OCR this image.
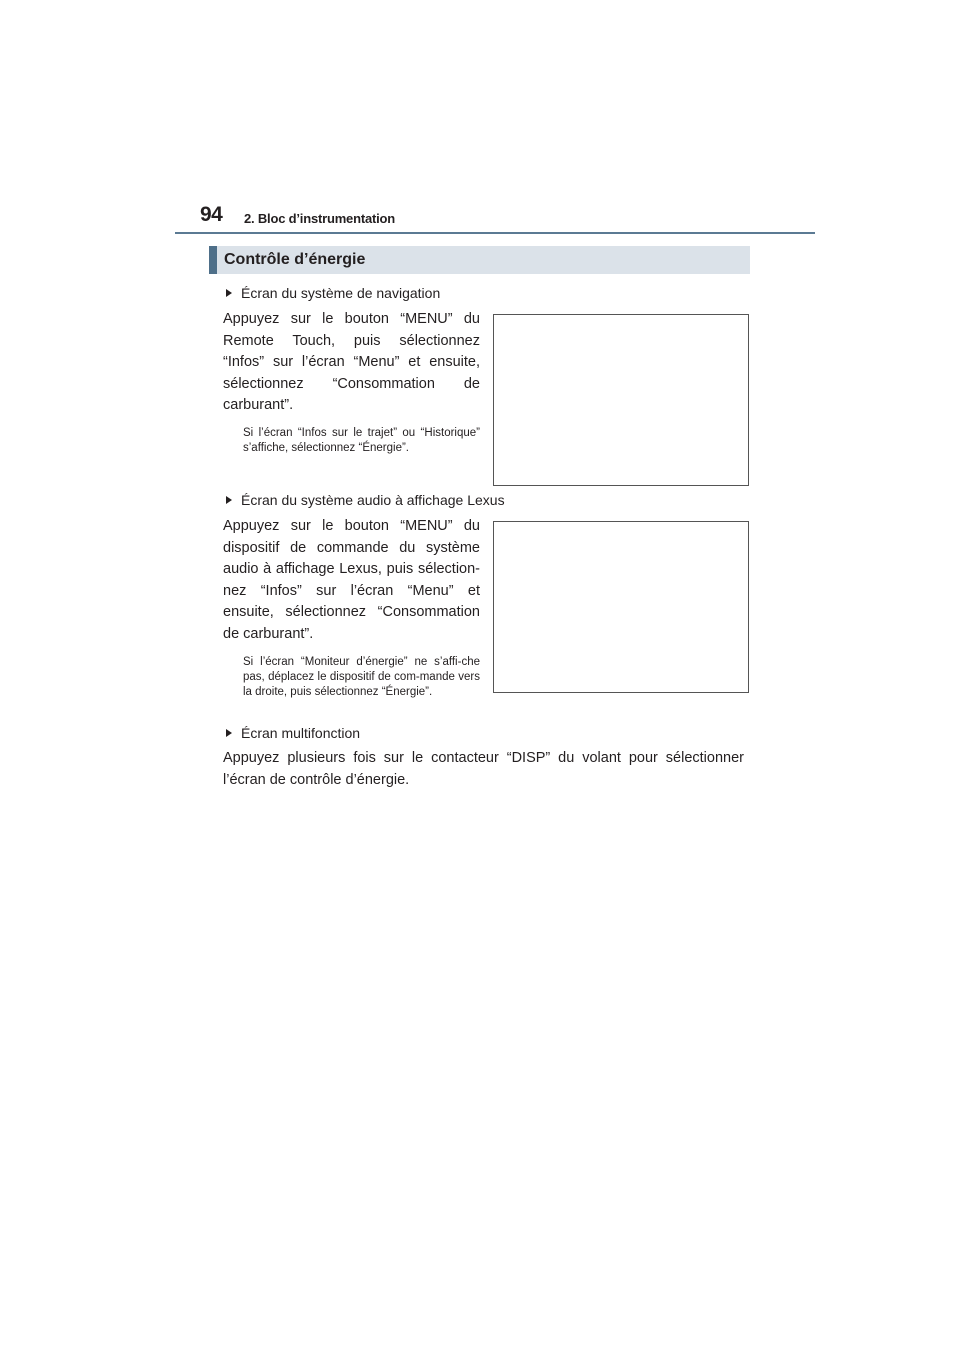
94 2. Bloc d’instrumentation
Contrôle d’énergie
Écran du système de navigation
Appuyez sur le bouton “MENU” du Remote Touch, puis sélectionnez “Infos” sur l’écran “Menu” et ensuite, sélectionnez “Consommation de carburant”.
Si l’écran “Infos sur le trajet” ou “Historique” s’affiche, sélectionnez “Énergie”.
Écran du système audio à affichage Lexus
Appuyez sur le bouton “MENU” du dispositif de commande du système audio à affichage Lexus, puis sélection-nez “Infos” sur l’écran “Menu” et ensuite, sélectionnez “Consommation de carburant”.
Si l’écran “Moniteur d’énergie” ne s’affi-che pas, déplacez le dispositif de com-mande vers la droite, puis sélectionnez “Énergie”.
Écran multifonction
Appuyez plusieurs fois sur le contacteur “DISP” du volant pour sélectionner l’écran de contrôle d’énergie.
